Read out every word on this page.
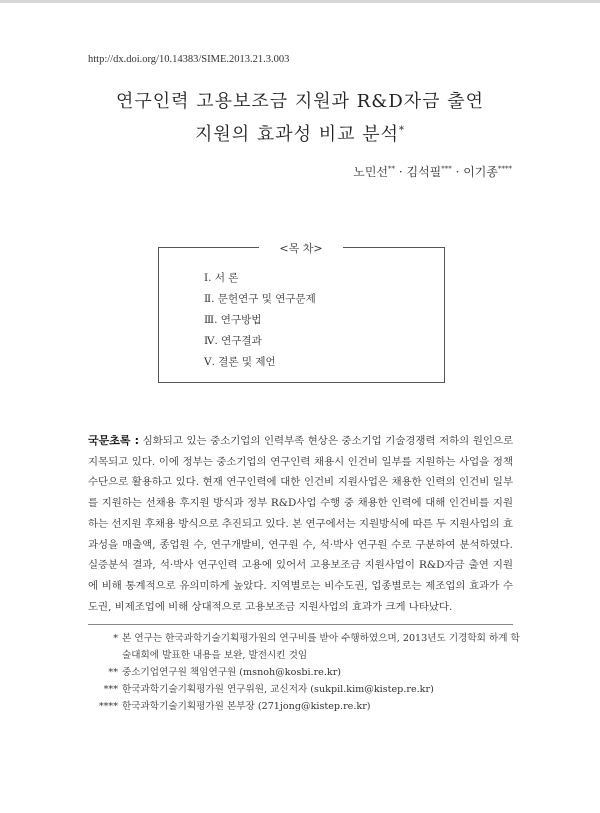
http://dx.doi.org/10.14383/SIME.2013.21.3.003
연구인력 고용보조금 지원과 R&D자금 출연
지원의 효과성 비교 분석*
노민선** · 김석필*** · 이기종****
<목 차>
Ⅰ. 서 론
Ⅱ. 문헌연구 및 연구문제
Ⅲ. 연구방법
Ⅳ. 연구결과
Ⅴ. 결론 및 제언
국문초록 : 심화되고 있는 중소기업의 인력부족 현상은 중소기업 기술경쟁력 저하의 원인으로 지목되고 있다. 이에 정부는 중소기업의 연구인력 채용시 인건비 일부를 지원하는 사업을 정책수단으로 활용하고 있다. 현재 연구인력에 대한 인건비 지원사업은 채용한 인력의 인건비 일부를 지원하는 선채용 후지원 방식과 정부 R&D사업 수행 중 채용한 인력에 대해 인건비를 지원하는 선지원 후채용 방식으로 추진되고 있다. 본 연구에서는 지원방식에 따른 두 지원사업의 효과성을 매출액, 종업원 수, 연구개발비, 연구원 수, 석·박사 연구원 수로 구분하여 분석하였다. 실증분석 결과, 석·박사 연구인력 고용에 있어서 고용보조금 지원사업이 R&D자금 출연 지원에 비해 통계적으로 유의미하게 높았다. 지역별로는 비수도권, 업종별로는 제조업의 효과가 수도권, 비제조업에 비해 상대적으로 고용보조금 지원사업의 효과가 크게 나타났다.
* 본 연구는 한국과학기술기획평가원의 연구비를 받아 수행하였으며, 2013년도 기경학회 하계 학술대회에 발표한 내용을 보완, 발전시킨 것임
** 중소기업연구원 책임연구원 (msnoh@kosbi.re.kr)
*** 한국과학기술기획평가원 연구위원, 교신저자 (sukpil.kim@kistep.re.kr)
**** 한국과학기술기획평가원 본부장 (271jong@kistep.re.kr)
